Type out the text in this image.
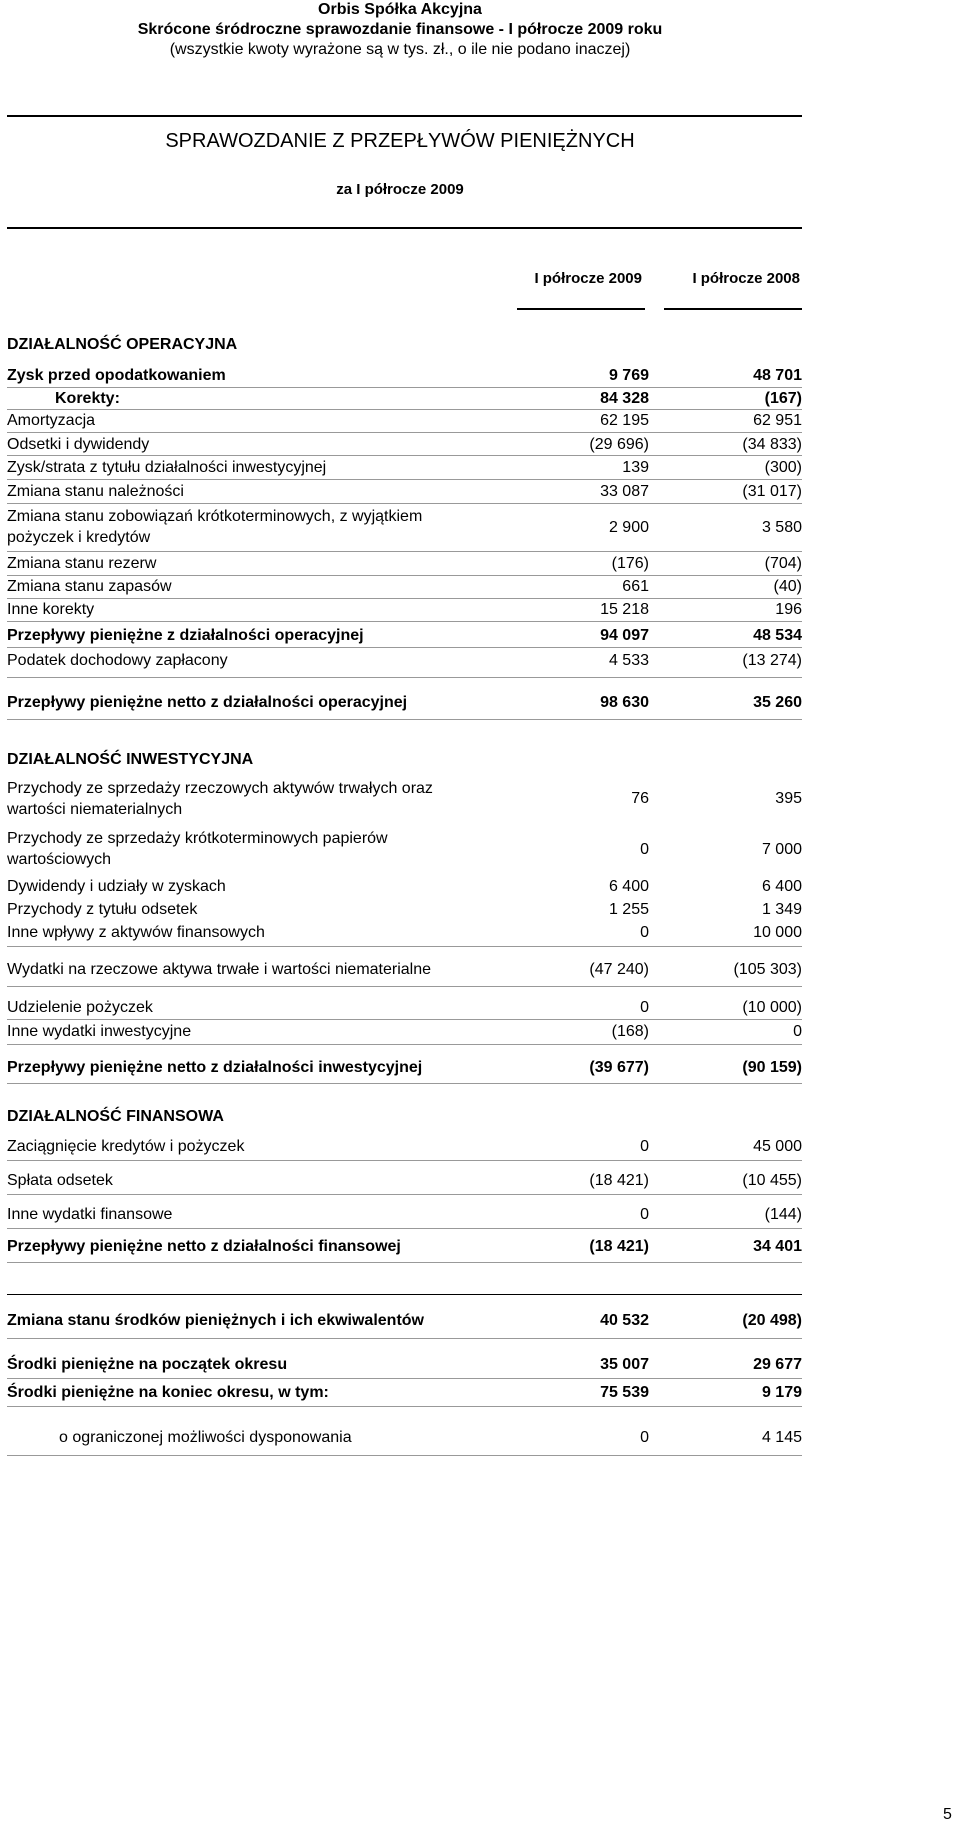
Orbis Spółka Akcyjna
Skrócone śródroczne sprawozdanie finansowe - I półrocze 2009 roku
(wszystkie kwoty wyrażone są w tys. zł., o ile nie podano inaczej)
SPRAWOZDANIE Z PRZEPŁYWÓW PIENIĘŻNYCH
za I półrocze 2009
I półrocze 2009	I półrocze 2008
DZIAŁALNOŚĆ OPERACYJNA
Zysk przed opodatkowaniem	9 769	48 701
Korekty:	84 328	(167)
Amortyzacja	62 195	62 951
Odsetki i dywidendy	(29 696)	(34 833)
Zysk/strata z tytułu działalności inwestycyjnej	139	(300)
Zmiana stanu należności	33 087	(31 017)
Zmiana stanu zobowiązań krótkoterminowych, z wyjątkiem pożyczek i kredytów
2 900	3 580
Zmiana stanu rezerw	(176)	(704)
Zmiana stanu zapasów	661	(40)
Inne korekty	15 218	196
Przepływy pieniężne z działalności operacyjnej	94 097	48 534
Podatek dochodowy zapłacony	4 533	(13 274)
Przepływy pieniężne netto z działalności operacyjnej	98 630	35 260
DZIAŁALNOŚĆ INWESTYCYJNA
Przychody ze sprzedaży rzeczowych aktywów trwałych oraz wartości niematerialnych
76	395
Przychody ze sprzedaży krótkoterminowych papierów wartościowych
0	7 000
Dywidendy i udziały w zyskach	6 400	6 400
Przychody z tytułu odsetek	1 255	1 349
Inne wpływy z aktywów finansowych	0	10 000
Wydatki na rzeczowe aktywa trwałe i wartości niematerialne	(47 240)	(105 303)
Udzielenie pożyczek	0	(10 000)
Inne wydatki inwestycyjne	(168)	0
Przepływy pieniężne netto z działalności inwestycyjnej	(39 677)	(90 159)
DZIAŁALNOŚĆ FINANSOWA
Zaciągnięcie kredytów i pożyczek	0	45 000
Spłata odsetek	(18 421)	(10 455)
Inne wydatki finansowe	0	(144)
Przepływy pieniężne netto z działalności finansowej	(18 421)	34 401
Zmiana stanu środków pieniężnych i ich ekwiwalentów	40 532	(20 498)
Środki pieniężne na początek okresu	35 007	29 677
Środki pieniężne na koniec okresu, w tym:	75 539	9 179
o ograniczonej możliwości dysponowania	0	4 145
5
